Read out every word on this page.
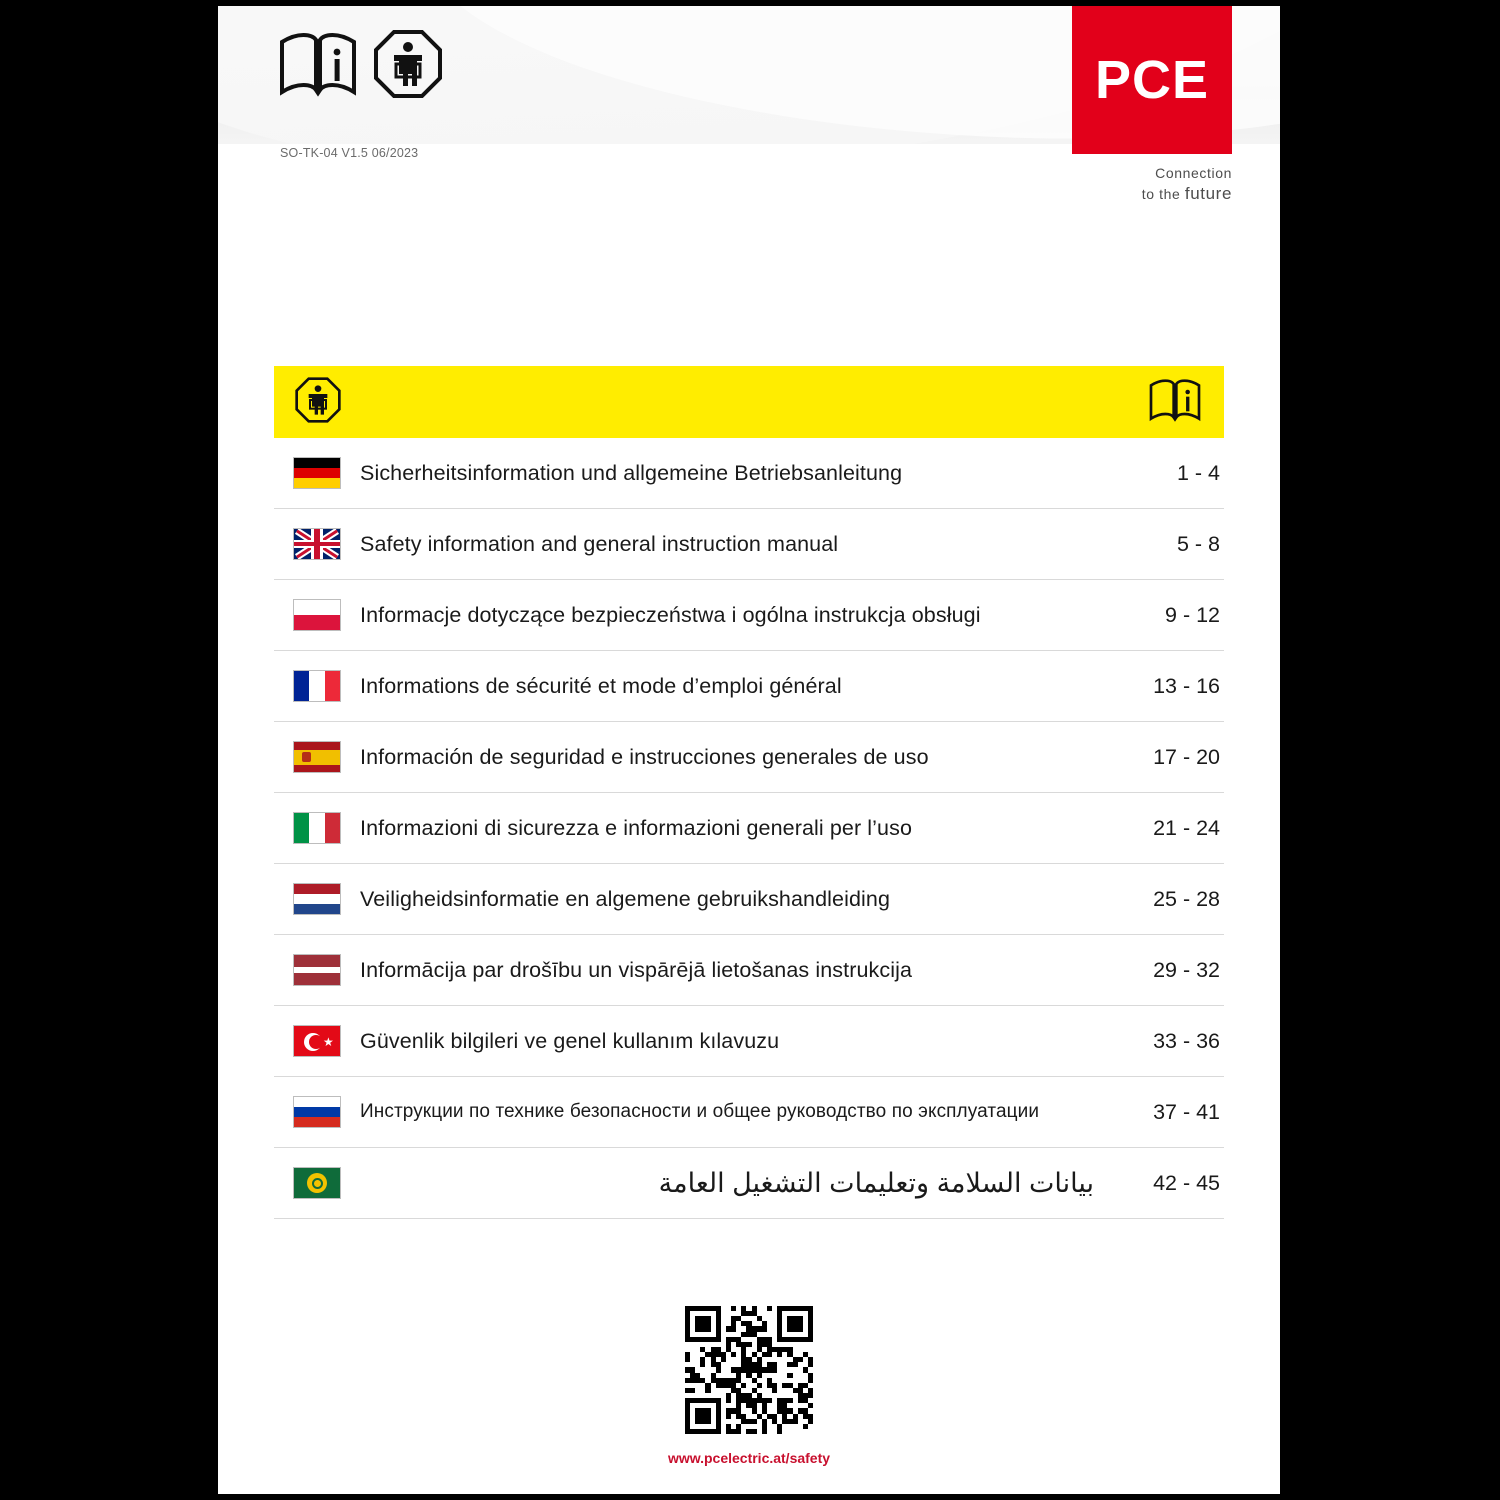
SO-TK-04 V1.5 06/2023
PCE
Connection
to the future
Sicherheitsinformation und allgemeine Betriebsanleitung	1 - 4
Safety information and general instruction manual	5 - 8
Informacje dotyczące bezpieczeństwa i ogólna instrukcja obsługi	9 - 12
Informations de sécurité et mode d’emploi général	13 - 16
Información de seguridad e instrucciones generales de uso	17 - 20
Informazioni di sicurezza e informazioni generali per l’uso	21 - 24
Veiligheidsinformatie en algemene gebruikshandleiding	25 - 28
Informācija par drošību un vispārējā lietošanas instrukcija	29 - 32
★ Güvenlik bilgileri ve genel kullanım kılavuzu	33 - 36
Инструкции по технике безопасности и общее руководство по эксплуатации	37 - 41
بيانات السلامة وتعليمات التشغيل العامة	42 - 45
www.pcelectric.at/safety
